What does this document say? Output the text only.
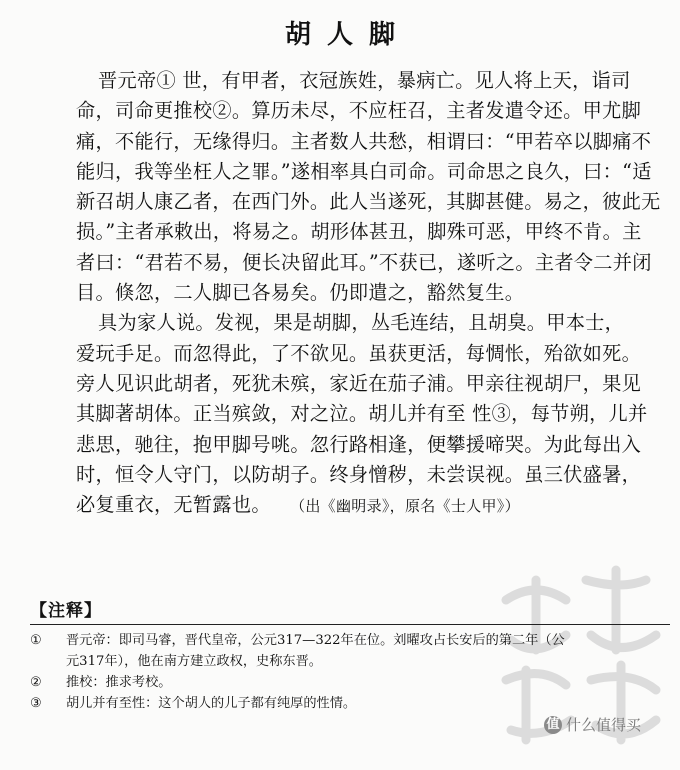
胡人脚
晋元帝① 世，有甲者，衣冠族姓，暴病亡。见人将上天，诣司
命，司命更推校②。算历未尽，不应枉召，主者发遣令还。甲尤脚
痛，不能行，无缘得归。主者数人共愁，相谓曰：“甲若卒以脚痛不
能归，我等坐枉人之罪。”遂相率具白司命。司命思之良久，曰：“适
新召胡人康乙者，在西门外。此人当遂死，其脚甚健。易之，彼此无
损。”主者承敕出，将易之。胡形体甚丑，脚殊可恶，甲终不肯。主
者曰：“君若不易，便长决留此耳。”不获已，遂听之。主者令二并闭
目。倏忽，二人脚已各易矣。仍即遣之，豁然复生。
具为家人说。发视，果是胡脚，丛毛连结，且胡臭。甲本士，
爱玩手足。而忽得此，了不欲见。虽获更活，每惆怅，殆欲如死。
旁人见识此胡者，死犹未殡，家近在茄子浦。甲亲往视胡尸，果见
其脚著胡体。正当殡敛，对之泣。胡儿并有至 性③，每节朔，儿并
悲思，驰往，抱甲脚号咷。忽行路相逢，便攀援啼哭。为此每出入
时，恒令人守门，以防胡子。终身憎秽，未尝误视。虽三伏盛暑，
必复重衣，无暂露也。 （出《幽明录》，原名《士人甲》）
【注释】
①	晋元帝：即司马睿，晋代皇帝，公元317—322年在位。刘曜攻占长安后的第二年（公
元317年），他在南方建立政权，史称东晋。
②	推校：推求考校。
③	胡儿并有至性：这个胡人的儿子都有纯厚的性情。
值 什么值得买
